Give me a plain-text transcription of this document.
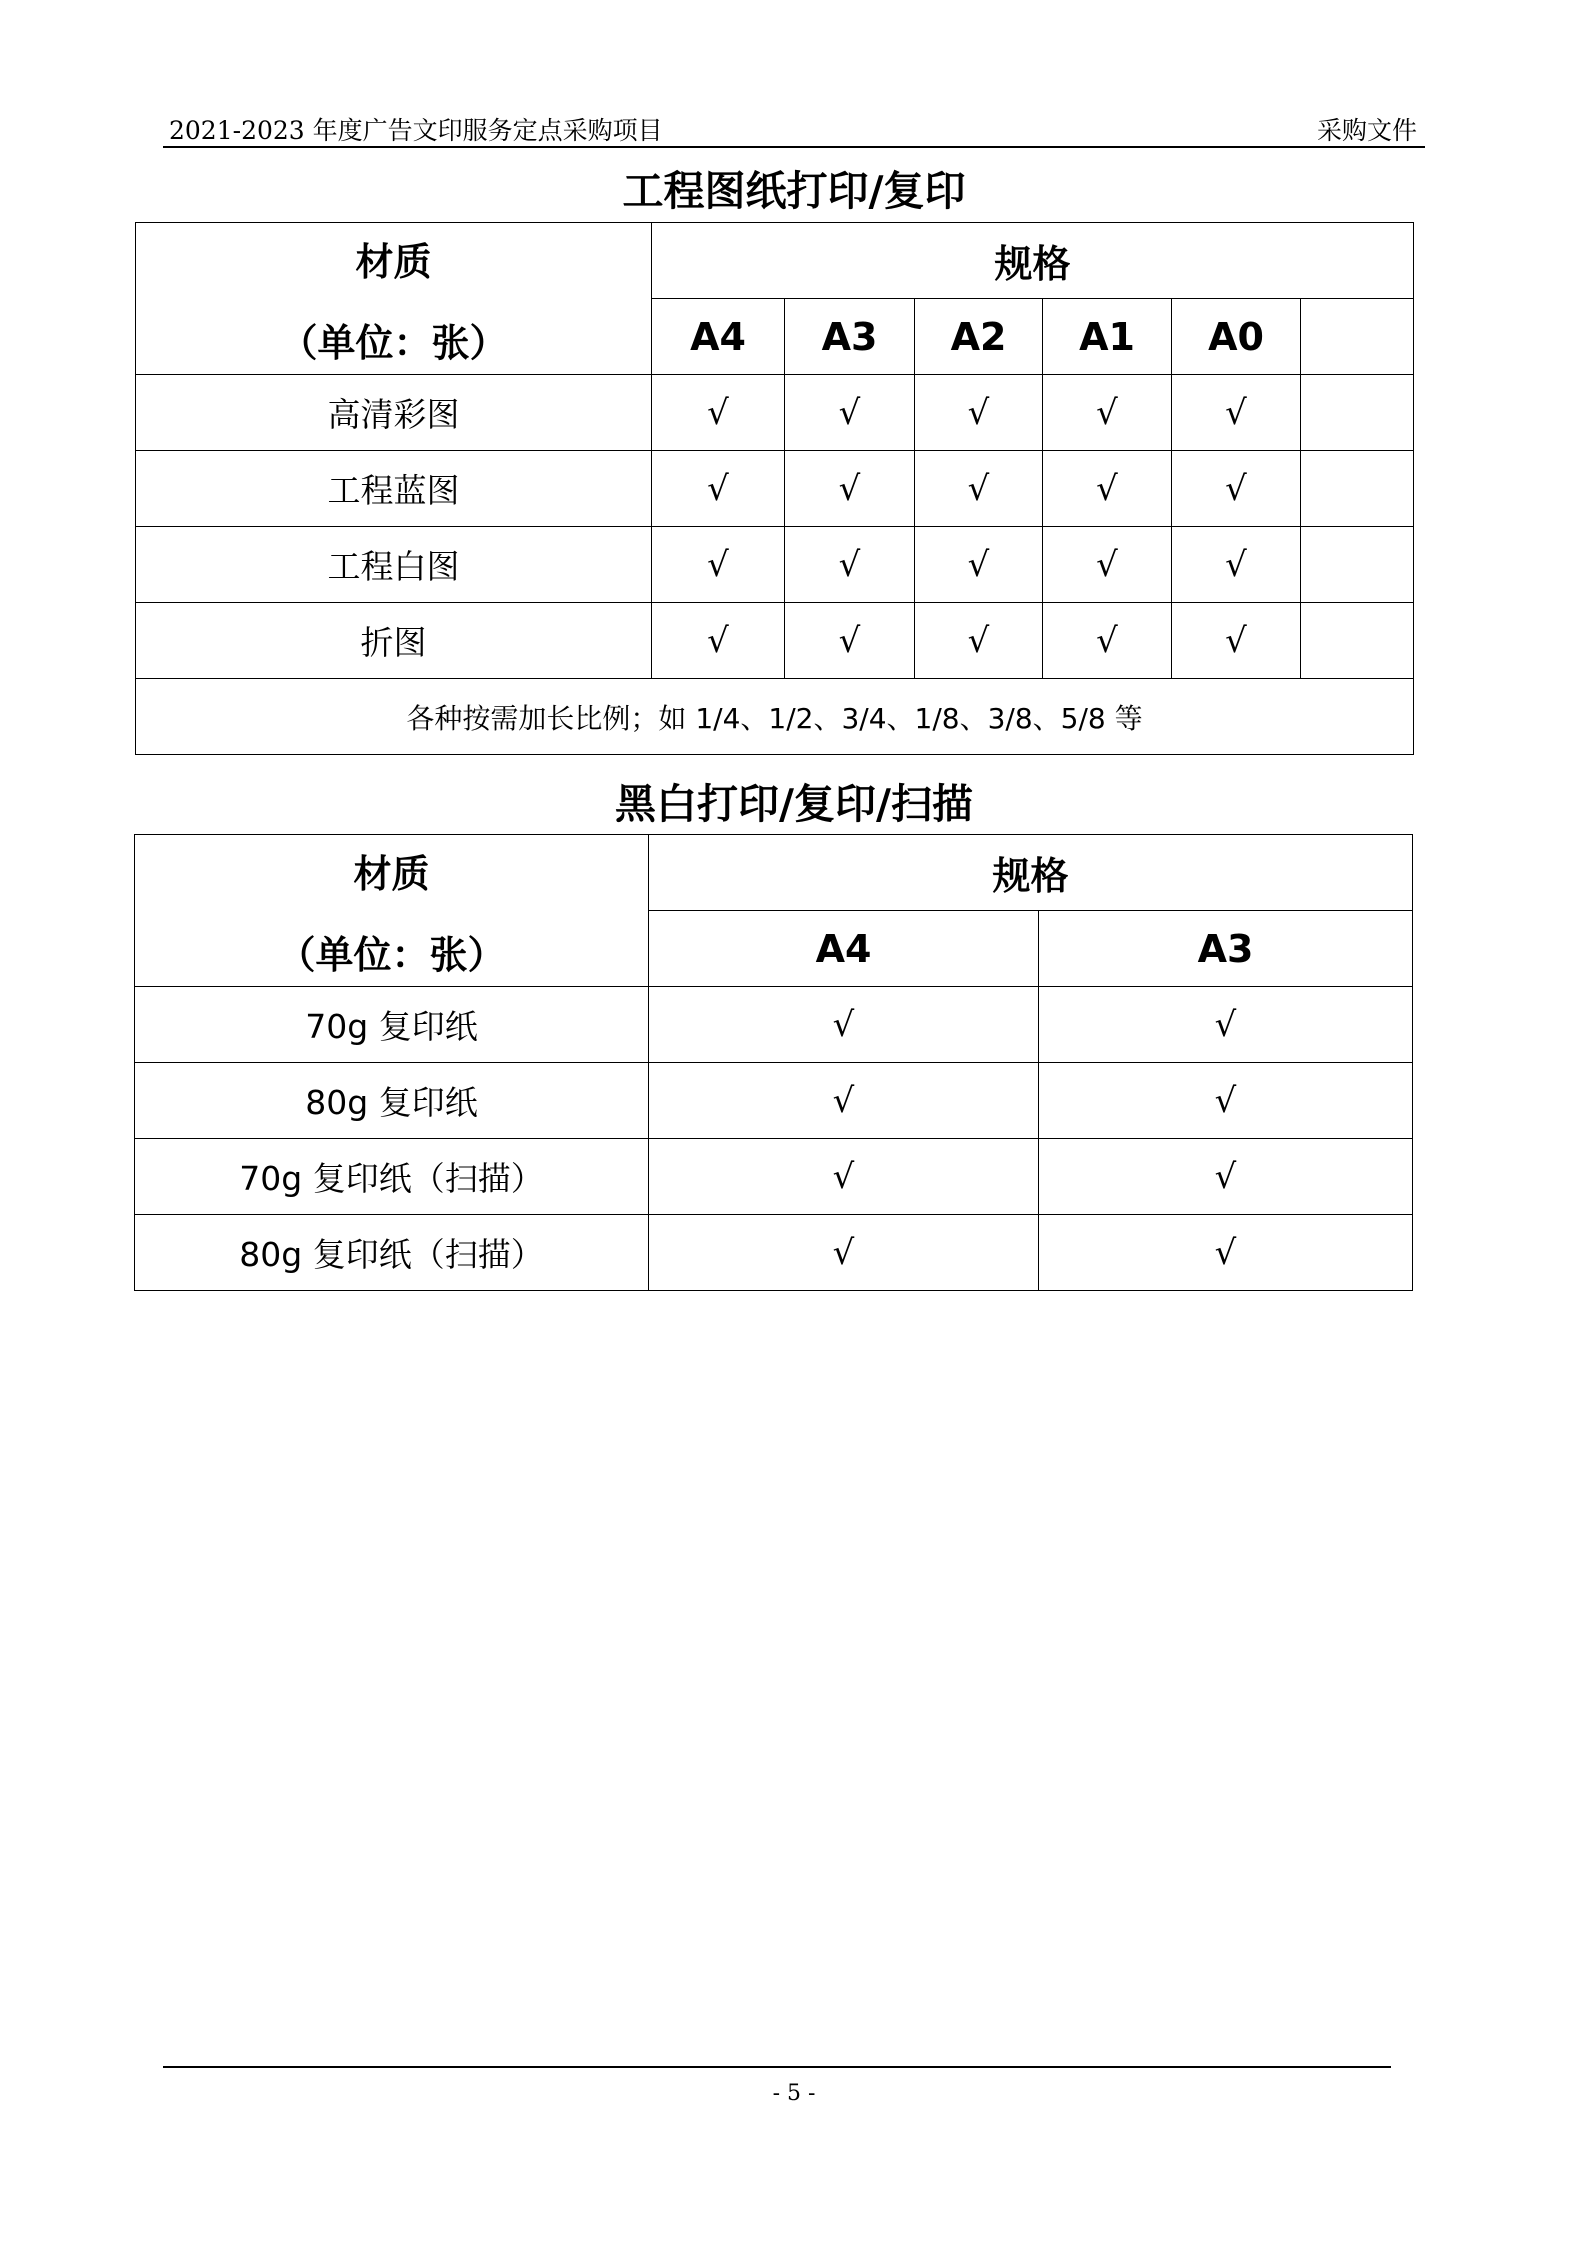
2021-2023 年度广告文印服务定点采购项目	采购文件
工程图纸打印/复印
材质
（单位：张）	规格					
	A4	A3	A2	A1	A0	
高清彩图	√	√	√	√	√	
工程蓝图	√	√	√	√	√	
工程白图	√	√	√	√	√	
折图	√	√	√	√	√	
各种按需加长比例；如 1/4、1/2、3/4、1/8、3/8、5/8 等						
黑白打印/复印/扫描
材质
（单位：张）	规格	
	A4	A3
70g 复印纸	√	√
80g 复印纸	√	√
70g 复印纸（扫描）	√	√
80g 复印纸（扫描）	√	√
- 5 -
